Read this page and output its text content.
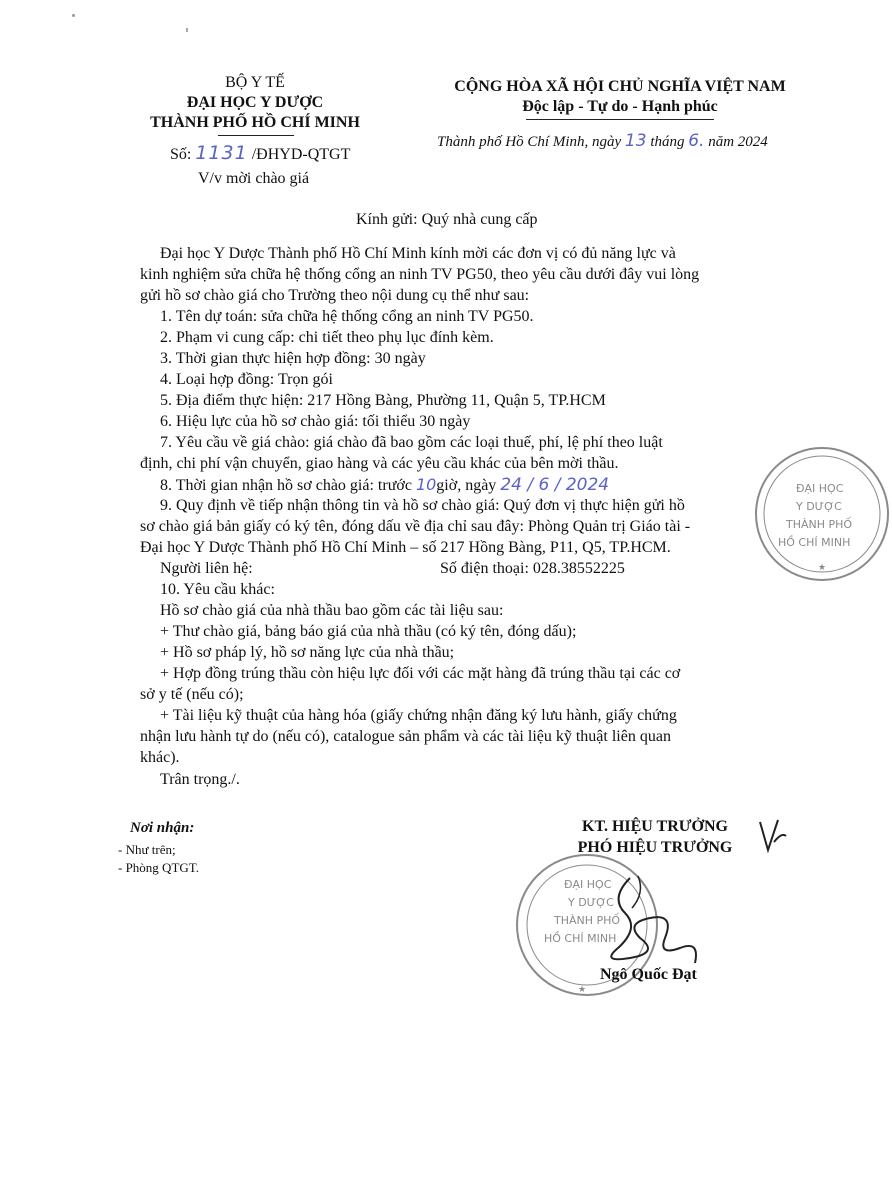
BỘ Y TẾ
ĐẠI HỌC Y DƯỢC
THÀNH PHỐ HỒ CHÍ MINH
Số: 1131 /ĐHYD-QTGT
V/v mời chào giá
CỘNG HÒA XÃ HỘI CHỦ NGHĨA VIỆT NAM
Độc lập - Tự do - Hạnh phúc
Thành phố Hồ Chí Minh, ngày 13 tháng 6. năm 2024
Kính gửi: Quý nhà cung cấp
Đại học Y Dược Thành phố Hồ Chí Minh kính mời các đơn vị có đủ năng lực và
kinh nghiệm sửa chữa hệ thống cổng an ninh TV PG50, theo yêu cầu dưới đây vui lòng
gửi hồ sơ chào giá cho Trường theo nội dung cụ thể như sau:
1. Tên dự toán: sửa chữa hệ thống cổng an ninh TV PG50.
2. Phạm vi cung cấp: chi tiết theo phụ lục đính kèm.
3. Thời gian thực hiện hợp đồng: 30 ngày
4. Loại hợp đồng: Trọn gói
5. Địa điểm thực hiện: 217 Hồng Bàng, Phường 11, Quận 5, TP.HCM
6. Hiệu lực của hồ sơ chào giá: tối thiểu 30 ngày
7. Yêu cầu về giá chào: giá chào đã bao gồm các loại thuế, phí, lệ phí theo luật
định, chi phí vận chuyển, giao hàng và các yêu cầu khác của bên mời thầu.
8. Thời gian nhận hồ sơ chào giá: trước 10giờ, ngày 24 / 6 / 2024
9. Quy định về tiếp nhận thông tin và hồ sơ chào giá: Quý đơn vị thực hiện gửi hồ
sơ chào giá bản giấy có ký tên, đóng dấu về địa chỉ sau đây: Phòng Quản trị Giáo tài -
Đại học Y Dược Thành phố Hồ Chí Minh – số 217 Hồng Bàng, P11, Q5, TP.HCM.
Người liên hệ:	Số điện thoại: 028.38552225
10. Yêu cầu khác:
Hồ sơ chào giá của nhà thầu bao gồm các tài liệu sau:
+ Thư chào giá, bảng báo giá của nhà thầu (có ký tên, đóng dấu);
+ Hồ sơ pháp lý, hồ sơ năng lực của nhà thầu;
+ Hợp đồng trúng thầu còn hiệu lực đối với các mặt hàng đã trúng thầu tại các cơ
sở y tế (nếu có);
+ Tài liệu kỹ thuật của hàng hóa (giấy chứng nhận đăng ký lưu hành, giấy chứng
nhận lưu hành tự do (nếu có), catalogue sản phẩm và các tài liệu kỹ thuật liên quan
khác).
Trân trọng./.
★
ĐẠI HỌC
Y DƯỢC
THÀNH PHỐ
HỒ CHÍ MINH
Nơi nhận:
- Như trên;
- Phòng QTGT.
KT. HIỆU TRƯỞNG
PHÓ HIỆU TRƯỞNG
★
ĐẠI HỌC
Y DƯỢC
THÀNH PHỐ
HỒ CHÍ MINH
Ngô Quốc Đạt
